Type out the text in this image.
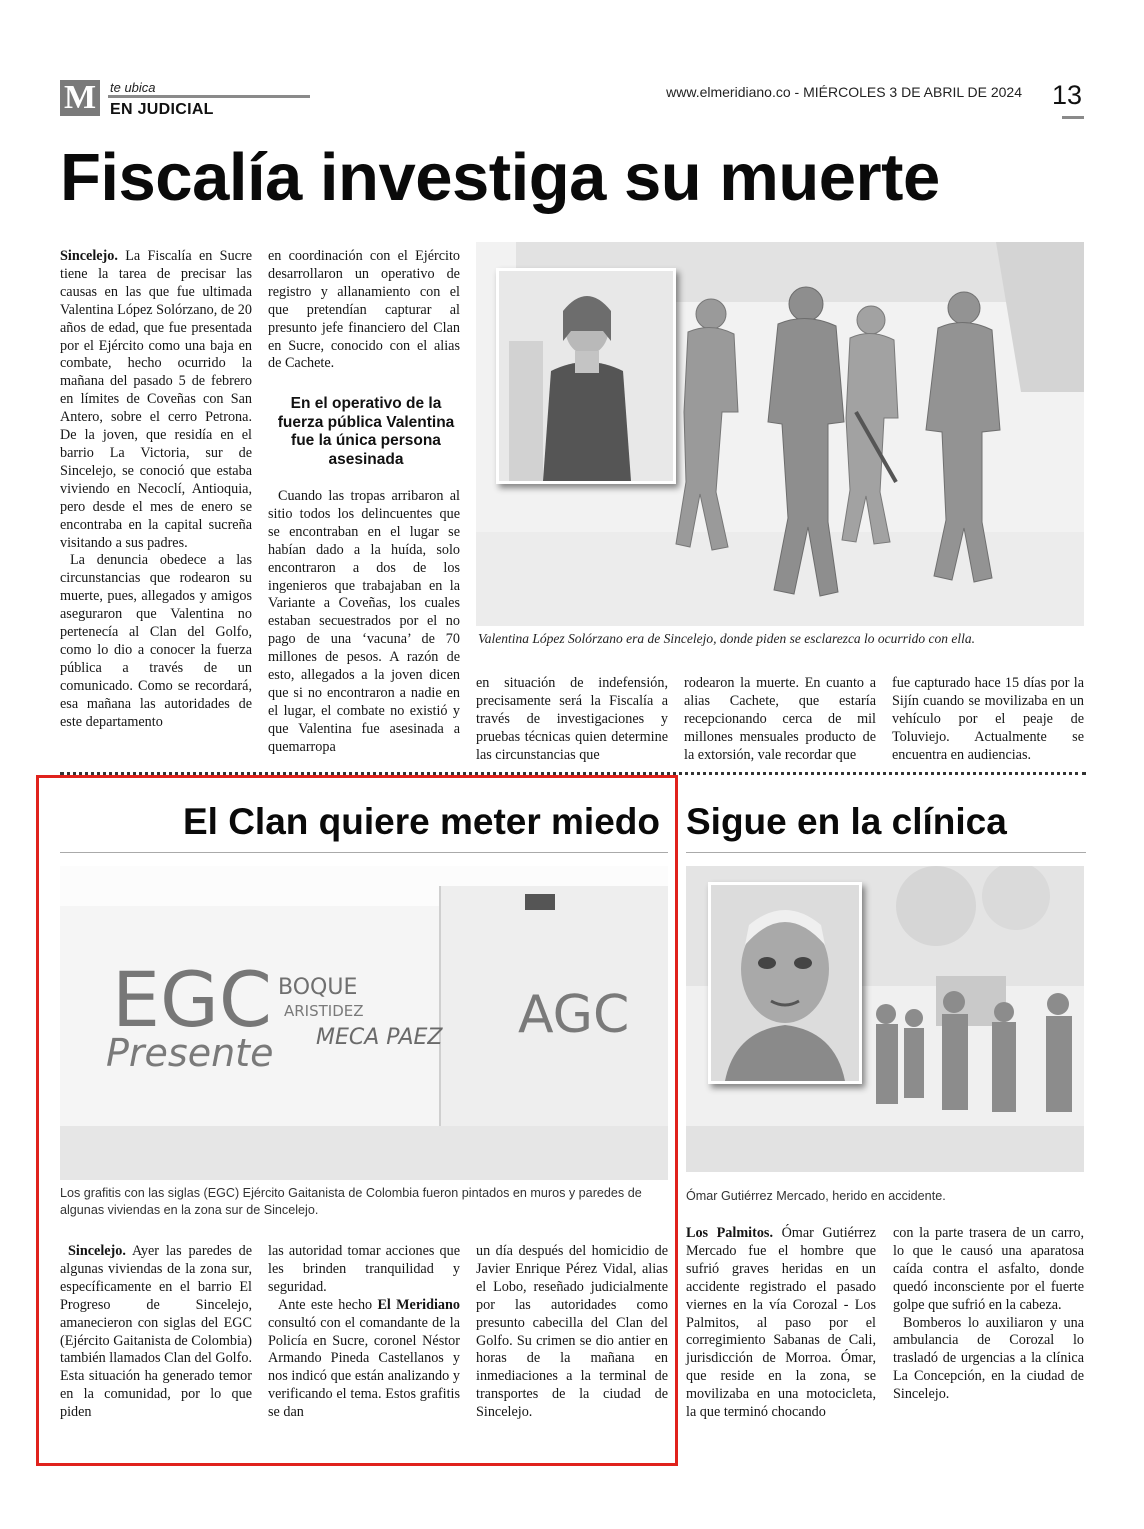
M	te ubica
EN JUDICIAL
www.elmeridiano.co - MIÉRCOLES 3 DE ABRIL DE 2024 13
Fiscalía investiga su muerte

Sincelejo. La Fiscalía en Sucre tiene la tarea de precisar las causas en las que fue ultimada Valentina López Solórzano, de 20 años de edad, que fue presentada por el Ejército como una baja en combate, hecho ocurrido la mañana del pasado 5 de febrero en límites de Coveñas con San Antero, sobre el cerro Petrona. De la joven, que residía en el barrio La Victoria, sur de Sincelejo, se conoció que estaba viviendo en Necoclí, Antioquia, pero desde el mes de enero se encontraba en la capital sucreña visitando a sus padres.

La denuncia obedece a las circunstancias que rodearon su muerte, pues, allegados y amigos aseguraron que Valentina no pertenecía al Clan del Golfo, como lo dio a conocer la fuerza pública a través de un comunicado. Como se recordará, esa mañana las autoridades de este departamento

en coordinación con el Ejército desarrollaron un operativo de registro y allanamiento con el que pretendían capturar al presunto jefe financiero del Clan en Sucre, conocido con el alias de Cachete.

En el operativo de la fuerza pública Valentina fue la única persona asesinada

Cuando las tropas arribaron al sitio todos los delincuentes que se encontraban en el lugar se habían dado a la huída, solo encontraron a dos de los ingenieros que trabajaban en la Variante a Coveñas, los cuales estaban secuestrados por el no pago de una ‘vacuna’ de 70 millones de pesos. A razón de esto, allegados a la joven dicen que si no encontraron a nadie en el lugar, el combate no existió y que Valentina fue asesinada a quemarropa

Valentina López Solórzano era de Sincelejo, donde piden se esclarezca lo ocurrido con ella.

en situación de indefensión, precisamente será la Fiscalía a través de investigaciones y pruebas técnicas quien determine las circunstancias que

rodearon la muerte. En cuanto a alias Cachete, que estaría recepcionando cerca de mil millones mensuales producto de la extorsión, vale recordar que

fue capturado hace 15 días por la Sijín cuando se movilizaba en un vehículo por el peaje de Toluviejo. Actualmente se encuentra en audiencias.

El Clan quiere meter miedo
EGC
Presente
BOQUE
ARISTIDEZ
MECA PAEZ AGC
Los grafitis con las siglas (EGC) Ejército Gaitanista de Colombia fueron pintados en muros y paredes de algunas viviendas en la zona sur de Sincelejo.

Sincelejo. Ayer las paredes de algunas viviendas de la zona sur, específicamente en el barrio El Progreso de Sincelejo, amanecieron con siglas del EGC (Ejército Gaitanista de Colombia) también llamados Clan del Golfo. Esta situación ha generado temor en la comunidad, por lo que piden

las autoridad tomar acciones que les brinden tranquilidad y seguridad.

Ante este hecho El Meridiano consultó con el comandante de la Policía en Sucre, coronel Néstor Armando Pineda Castellanos y nos indicó que están analizando y verificando el tema. Estos grafitis se dan

un día después del homicidio de Javier Enrique Pérez Vidal, alias el Lobo, reseñado judicialmente por las autoridades como presunto cabecilla del Clan del Golfo. Su crimen se dio antier en horas de la mañana en inmediaciones a la terminal de transportes de la ciudad de Sincelejo.

Sigue en la clínica
Ómar Gutiérrez Mercado, herido en accidente.

Los Palmitos. Ómar Gutiérrez Mercado fue el hombre que sufrió graves heridas en un accidente registrado el pasado viernes en la vía Corozal - Los Palmitos, al paso por el corregimiento Sabanas de Cali, jurisdicción de Morroa. Ómar, que reside en la zona, se movilizaba en una motocicleta, la que terminó chocando

con la parte trasera de un carro, lo que le causó una aparatosa caída contra el asfalto, donde quedó inconsciente por el fuerte golpe que sufrió en la cabeza.

Bomberos lo auxiliaron y una ambulancia de Corozal lo trasladó de urgencias a la clínica La Concepción, en la ciudad de Sincelejo.
